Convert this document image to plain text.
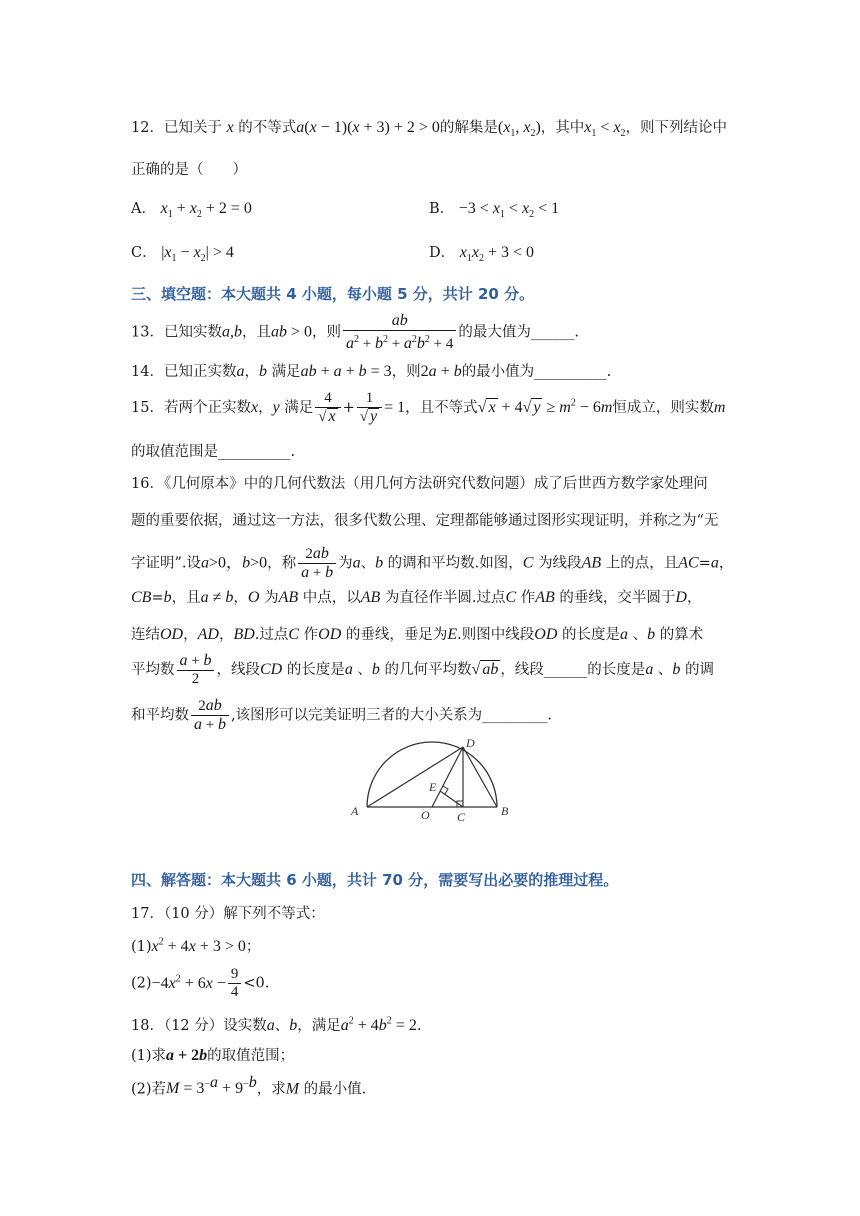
12．已知关于 x 的不等式a(x − 1)(x + 3) + 2 > 0的解集是($x_1$, $x_2$)，其中$x_1 < x_2$，则下列结论中
正确的是（　　）
A． $x_1 + x_2 + 2 = 0$	B． $-3 < x_1 < x_2 < 1$
C． $|x_1 - x_2| > 4$	D． $x_1x_2 + 3 < 0$
三、填空题：本大题共 4 小题，每小题 5 分，共计 20 分。
13．已知实数a,b，且ab > 0，则 $\frac{ab}{a^2 + b^2 + a^2b^2 + 4}$ 的最大值为______.
14．已知正实数a，b 满足ab + a + b = 3，则2a + b的最小值为__________.
15．若两个正实数x，y 满足 $\frac{4}{√ x} + \frac{1}{√ y} = 1$，且不等式√ x + 4√ $y \ge m^2 - 6m$恒成立，则实数m
的取值范围是__________.
16．《几何原本》中的几何代数法（用几何方法研究代数问题）成了后世西方数学家处理问
题的重要依据，通过这一方法，很多代数公理、定理都能够通过图形实现证明，并称之为“无
字证明”.设a>0，b>0，称 $\frac{2ab}{a + b}$ 为a、b 的调和平均数.如图，C 为线段AB 上的点，且AC=a，
CB=b，且a ≠ b，O 为AB 中点，以AB 为直径作半圆.过点C 作AB 的垂线，交半圆于D，
连结OD，AD，BD.过点C 作OD 的垂线，垂足为E.则图中线段OD 的长度是a 、b 的算术
平均数 $\frac{a + b}{2}$ ，线段CD 的长度是a 、b 的几何平均数√ ab ，线段______的长度是a 、b 的调
和平均数 $\frac{2ab}{a + b}$ ,该图形可以完美证明三者的大小关系为_________.
A	B
C
D
E
O
四、解答题：本大题共 6 小题，共计 70 分，需要写出必要的推理过程。
17．（10 分）解下列不等式：
$(1)x^2 + 4x + 3 > 0$；
$(2)-4x^2 + 6x - \frac{9}{4} <0$.
18．（12 分）设实数a、b，满足$a^2 + 4b^2 = 2$.
(1)求a + 2b的取值范围；
(2)若$M = 3^{-a} + 9^{-b}$，求M 的最小值.
